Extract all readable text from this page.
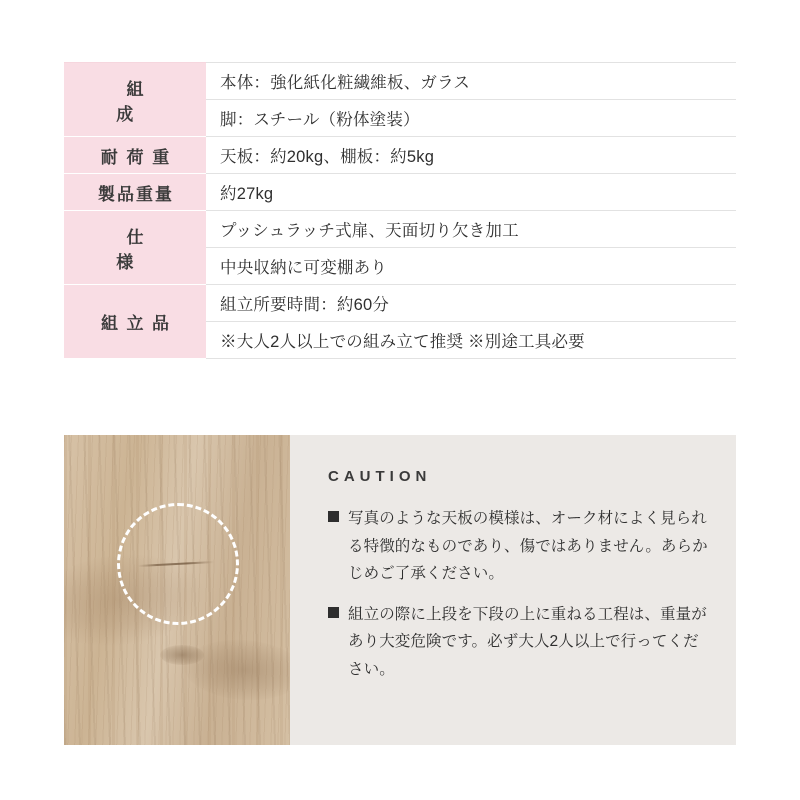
組　　成	本体：強化紙化粧繊維板、ガラス
	脚：スチール（粉体塗装）

耐 荷 重	天板：約20kg、棚板：約5kg

製品重量	約27kg

仕　　様	プッシュラッチ式扉、天面切り欠き加工
	中央収納に可変棚あり

組立品	組立所要時間：約60分
	※大人2人以上での組み立て推奨 ※別途工具必要
CAUTION
写真のような天板の模様は、オーク材によく見られる特徴的なものであり、傷ではありません。あらかじめご了承ください。
組立の際に上段を下段の上に重ねる工程は、重量があり大変危険です。必ず大人2人以上で行ってください。
